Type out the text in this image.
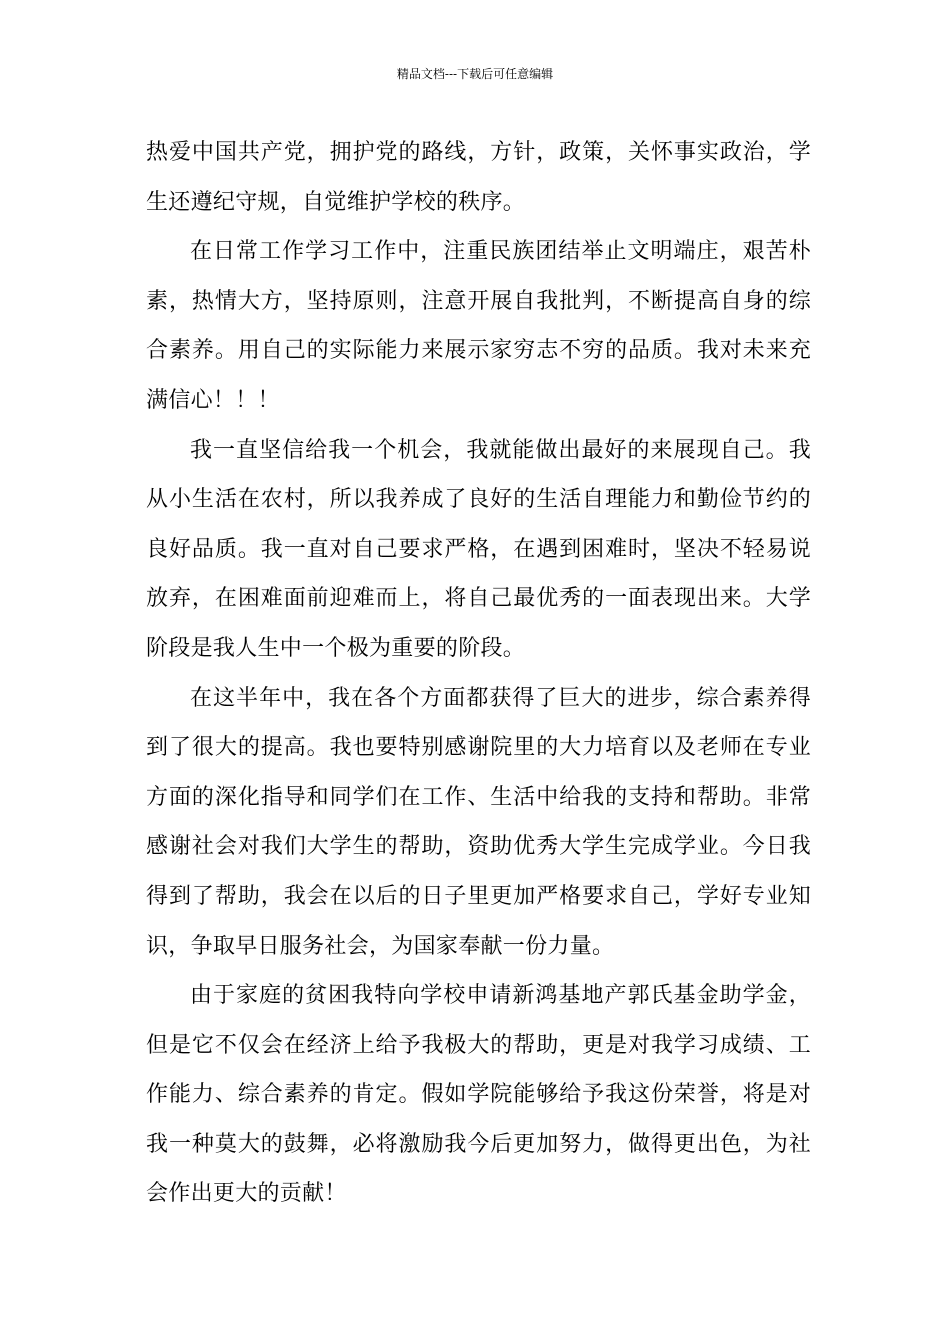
精品文档---下载后可任意编辑

热爱中国共产党，拥护党的路线，方针，政策，关怀事实政治，学生还遵纪守规，自觉维护学校的秩序。

在日常工作学习工作中，注重民族团结举止文明端庄，艰苦朴素，热情大方，坚持原则，注意开展自我批判，不断提高自身的综合素养。用自己的实际能力来展示家穷志不穷的品质。我对未来充满信心！！！

我一直坚信给我一个机会，我就能做出最好的来展现自己。我从小生活在农村，所以我养成了良好的生活自理能力和勤俭节约的良好品质。我一直对自己要求严格，在遇到困难时，坚决不轻易说放弃，在困难面前迎难而上，将自己最优秀的一面表现出来。大学阶段是我人生中一个极为重要的阶段。

在这半年中，我在各个方面都获得了巨大的进步，综合素养得到了很大的提高。我也要特别感谢院里的大力培育以及老师在专业方面的深化指导和同学们在工作、生活中给我的支持和帮助。非常感谢社会对我们大学生的帮助，资助优秀大学生完成学业。今日我得到了帮助，我会在以后的日子里更加严格要求自己，学好专业知识，争取早日服务社会，为国家奉献一份力量。

由于家庭的贫困我特向学校申请新鸿基地产郭氏基金助学金，但是它不仅会在经济上给予我极大的帮助，更是对我学习成绩、工作能力、综合素养的肯定。假如学院能够给予我这份荣誉，将是对我一种莫大的鼓舞，必将激励我今后更加努力，做得更出色，为社会作出更大的贡献！
